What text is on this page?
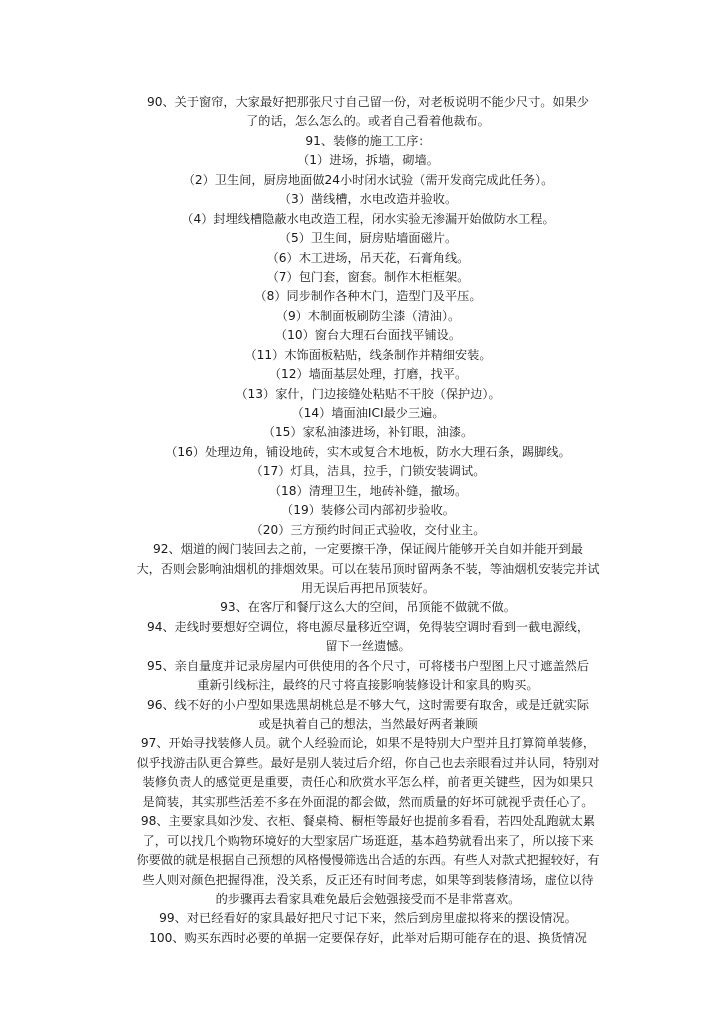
90、关于窗帘，大家最好把那张尺寸自己留一份，对老板说明不能少尺寸。如果少
了的话，怎么怎么的。或者自己看着他裁布。
91、装修的施工工序：
（1）进场，拆墙，砌墙。
（2）卫生间，厨房地面做24小时闭水试验（需开发商完成此任务）。
（3）凿线槽，水电改造并验收。
（4）封埋线槽隐蔽水电改造工程，闭水实验无渗漏开始做防水工程。
（5）卫生间，厨房贴墙面磁片。
（6）木工进场，吊天花，石膏角线。
（7）包门套，窗套。制作木柜框架。
（8）同步制作各种木门，造型门及平压。
（9）木制面板刷防尘漆（清油）。
（10）窗台大理石台面找平铺设。
（11）木饰面板粘贴，线条制作并精细安装。
（12）墙面基层处理，打磨，找平。
（13）家什，门边接缝处粘贴不干胶（保护边）。
（14）墙面油ICI最少三遍。
（15）家私油漆进场，补钉眼，油漆。
（16）处理边角，铺设地砖，实木或复合木地板，防水大理石条，踢脚线。
（17）灯具，洁具，拉手，门锁安装调试。
（18）清理卫生，地砖补缝，撤场。
（19）装修公司内部初步验收。
（20）三方预约时间正式验收，交付业主。
92、烟道的阀门装回去之前，一定要擦干净，保证阀片能够开关自如并能开到最
大，否则会影响油烟机的排烟效果。可以在装吊顶时留两条不装，等油烟机安装完并试
用无误后再把吊顶装好。
93、在客厅和餐厅这么大的空间，吊顶能不做就不做。
94、走线时要想好空调位，将电源尽量移近空调，免得装空调时看到一截电源线，
留下一丝遗憾。
95、亲自量度并记录房屋内可供使用的各个尺寸，可将楼书户型图上尺寸遮盖然后
重新引线标注，最终的尺寸将直接影响装修设计和家具的购买。
96、线不好的小户型如果选黑胡桃总是不够大气，这时需要有取舍，或是迁就实际
或是执着自己的想法，当然最好两者兼顾
97、开始寻找装修人员。就个人经验而论，如果不是特别大户型并且打算简单装修，
似乎找游击队更合算些。最好是别人装过后介绍，你自己也去亲眼看过并认同，特别对
装修负责人的感觉更是重要，责任心和欣赏水平怎么样，前者更关键些，因为如果只
是简装，其实那些活差不多在外面混的都会做，然而质量的好坏可就视乎责任心了。
98、主要家具如沙发、衣柜、餐桌椅、橱柜等最好也提前多看看，若四处乱跑就太累
了，可以找几个购物环境好的大型家居广场逛逛，基本趋势就看出来了，所以接下来
你要做的就是根据自己预想的风格慢慢筛选出合适的东西。有些人对款式把握较好，有
些人则对颜色把握得准，没关系，反正还有时间考虑，如果等到装修清场，虚位以待
的步骤再去看家具难免最后会勉强接受而不是非常喜欢。
99、对已经看好的家具最好把尺寸记下来，然后到房里虚拟将来的摆设情况。
100、购买东西时必要的单据一定要保存好，此举对后期可能存在的退、换货情况
